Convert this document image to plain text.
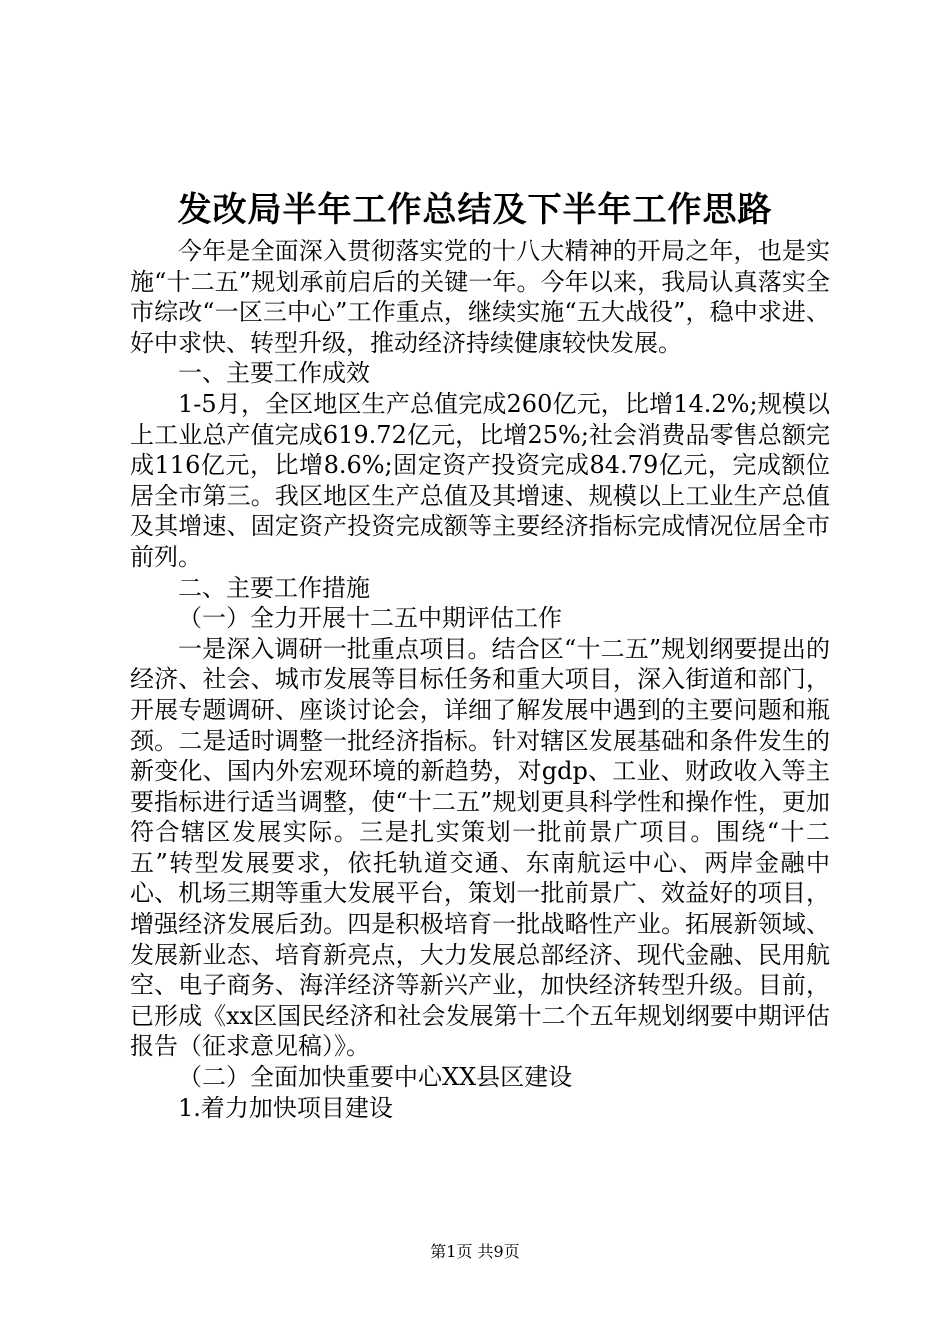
发改局半年工作总结及下半年工作思路

今年是全面深入贯彻落实党的十八大精神的开局之年，也是实施“十二五”规划承前启后的关键一年。今年以来，我局认真落实全市综改“一区三中心”工作重点，继续实施“五大战役”，稳中求进、好中求快、转型升级，推动经济持续健康较快发展。

一、主要工作成效

1-5月，全区地区生产总值完成260亿元，比增14.2%;规模以上工业总产值完成619.72亿元，比增25%;社会消费品零售总额完成116亿元，比增8.6%;固定资产投资完成84.79亿元，完成额位居全市第三。我区地区生产总值及其增速、规模以上工业生产总值及其增速、固定资产投资完成额等主要经济指标完成情况位居全市前列。

二、主要工作措施

（一）全力开展十二五中期评估工作

一是深入调研一批重点项目。结合区“十二五”规划纲要提出的经济、社会、城市发展等目标任务和重大项目，深入街道和部门，开展专题调研、座谈讨论会，详细了解发展中遇到的主要问题和瓶颈。二是适时调整一批经济指标。针对辖区发展基础和条件发生的新变化、国内外宏观环境的新趋势，对gdp、工业、财政收入等主要指标进行适当调整，使“十二五”规划更具科学性和操作性，更加符合辖区发展实际。三是扎实策划一批前景广项目。围绕“十二五”转型发展要求，依托轨道交通、东南航运中心、两岸金融中心、机场三期等重大发展平台，策划一批前景广、效益好的项目，增强经济发展后劲。四是积极培育一批战略性产业。拓展新领域、发展新业态、培育新亮点，大力发展总部经济、现代金融、民用航空、电子商务、海洋经济等新兴产业，加快经济转型升级。目前，已形成《xx区国民经济和社会发展第十二个五年规划纲要中期评估报告（征求意见稿）》。

（二）全面加快重要中心XX县区建设

1.着力加快项目建设

第1页 共9页
